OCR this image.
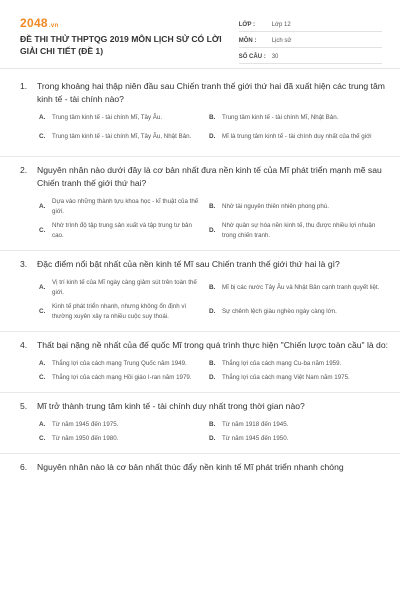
2048.vn
ĐỀ THI THỬ THPTQG 2019 MÔN LỊCH SỬ CÓ LỜI GIẢI CHI TIẾT (ĐỀ 1)
LỚP :	Lớp 12
MÔN :	Lịch sử
SỐ CÂU :	30
1.	Trong khoảng hai thập niên đầu sau Chiến tranh thế giới thứ hai đã xuất hiện các trung tâm kinh tế - tài chính nào?
A.	Trung tâm kinh tế - tài chính Mĩ, Tây Âu.	B.	Trung tâm kinh tế - tài chính Mĩ, Nhật Bản.
C.	Trung tâm kinh tế - tài chính Mĩ, Tây Âu, Nhật Bản.	D.	Mĩ là trung tâm kinh tế - tài chính duy nhất của thế giới
2.	Nguyên nhân nào dưới đây là cơ bản nhất đưa nền kinh tế của Mĩ phát triển mạnh mẽ sau Chiến tranh thế giới thứ hai?
A.
Dựa vào những thành tựu khoa học - kĩ thuật của thế giới.
B.	Nhờ tài nguyên thiên nhiên phong phú.
C.
Nhờ trình độ tập trung sản xuất và tập trung tư bản cao.
D.
Nhờ quân sự hóa nền kinh tế, thu được nhiều lợi nhuận trong chiến tranh.
3.	Đặc điểm nổi bật nhất của nền kinh tế Mĩ sau Chiến tranh thế giới thứ hai là gì?
A.
Vị trí kinh tế của Mĩ ngày càng giảm sút trên toàn thế giới.
B.	Mĩ bị các nước Tây Âu và Nhật Bản cạnh tranh quyết liệt.
C.
Kinh tế phát triển nhanh, nhưng không ổn định vì thường xuyên xảy ra nhiều cuộc suy thoái.
D.	Sự chênh lệch giàu nghèo ngày càng lớn.
4.	Thất bại nặng nề nhất của đế quốc Mĩ trong quá trình thực hiện "Chiến lược toàn cầu" là do:
A.	Thắng lợi của cách mạng Trung Quốc năm 1949.	B.	Thắng lợi của cách mạng Cu-ba năm 1959.
C.	Thắng lợi của cách mạng Hồi giáo I-ran năm 1979.	D.	Thắng lợi của cách mạng Việt Nam năm 1975.
5.	Mĩ trở thành trung tâm kinh tế - tài chính duy nhất trong thời gian nào?
A.	Từ năm 1945 đến 1975.	B.	Từ năm 1918 đến 1945.
C.	Từ năm 1950 đến 1980.	D.	Từ năm 1945 đến 1950.
6.	Nguyên nhân nào là cơ bản nhất thúc đẩy nền kinh tế Mĩ phát triển nhanh chóng
